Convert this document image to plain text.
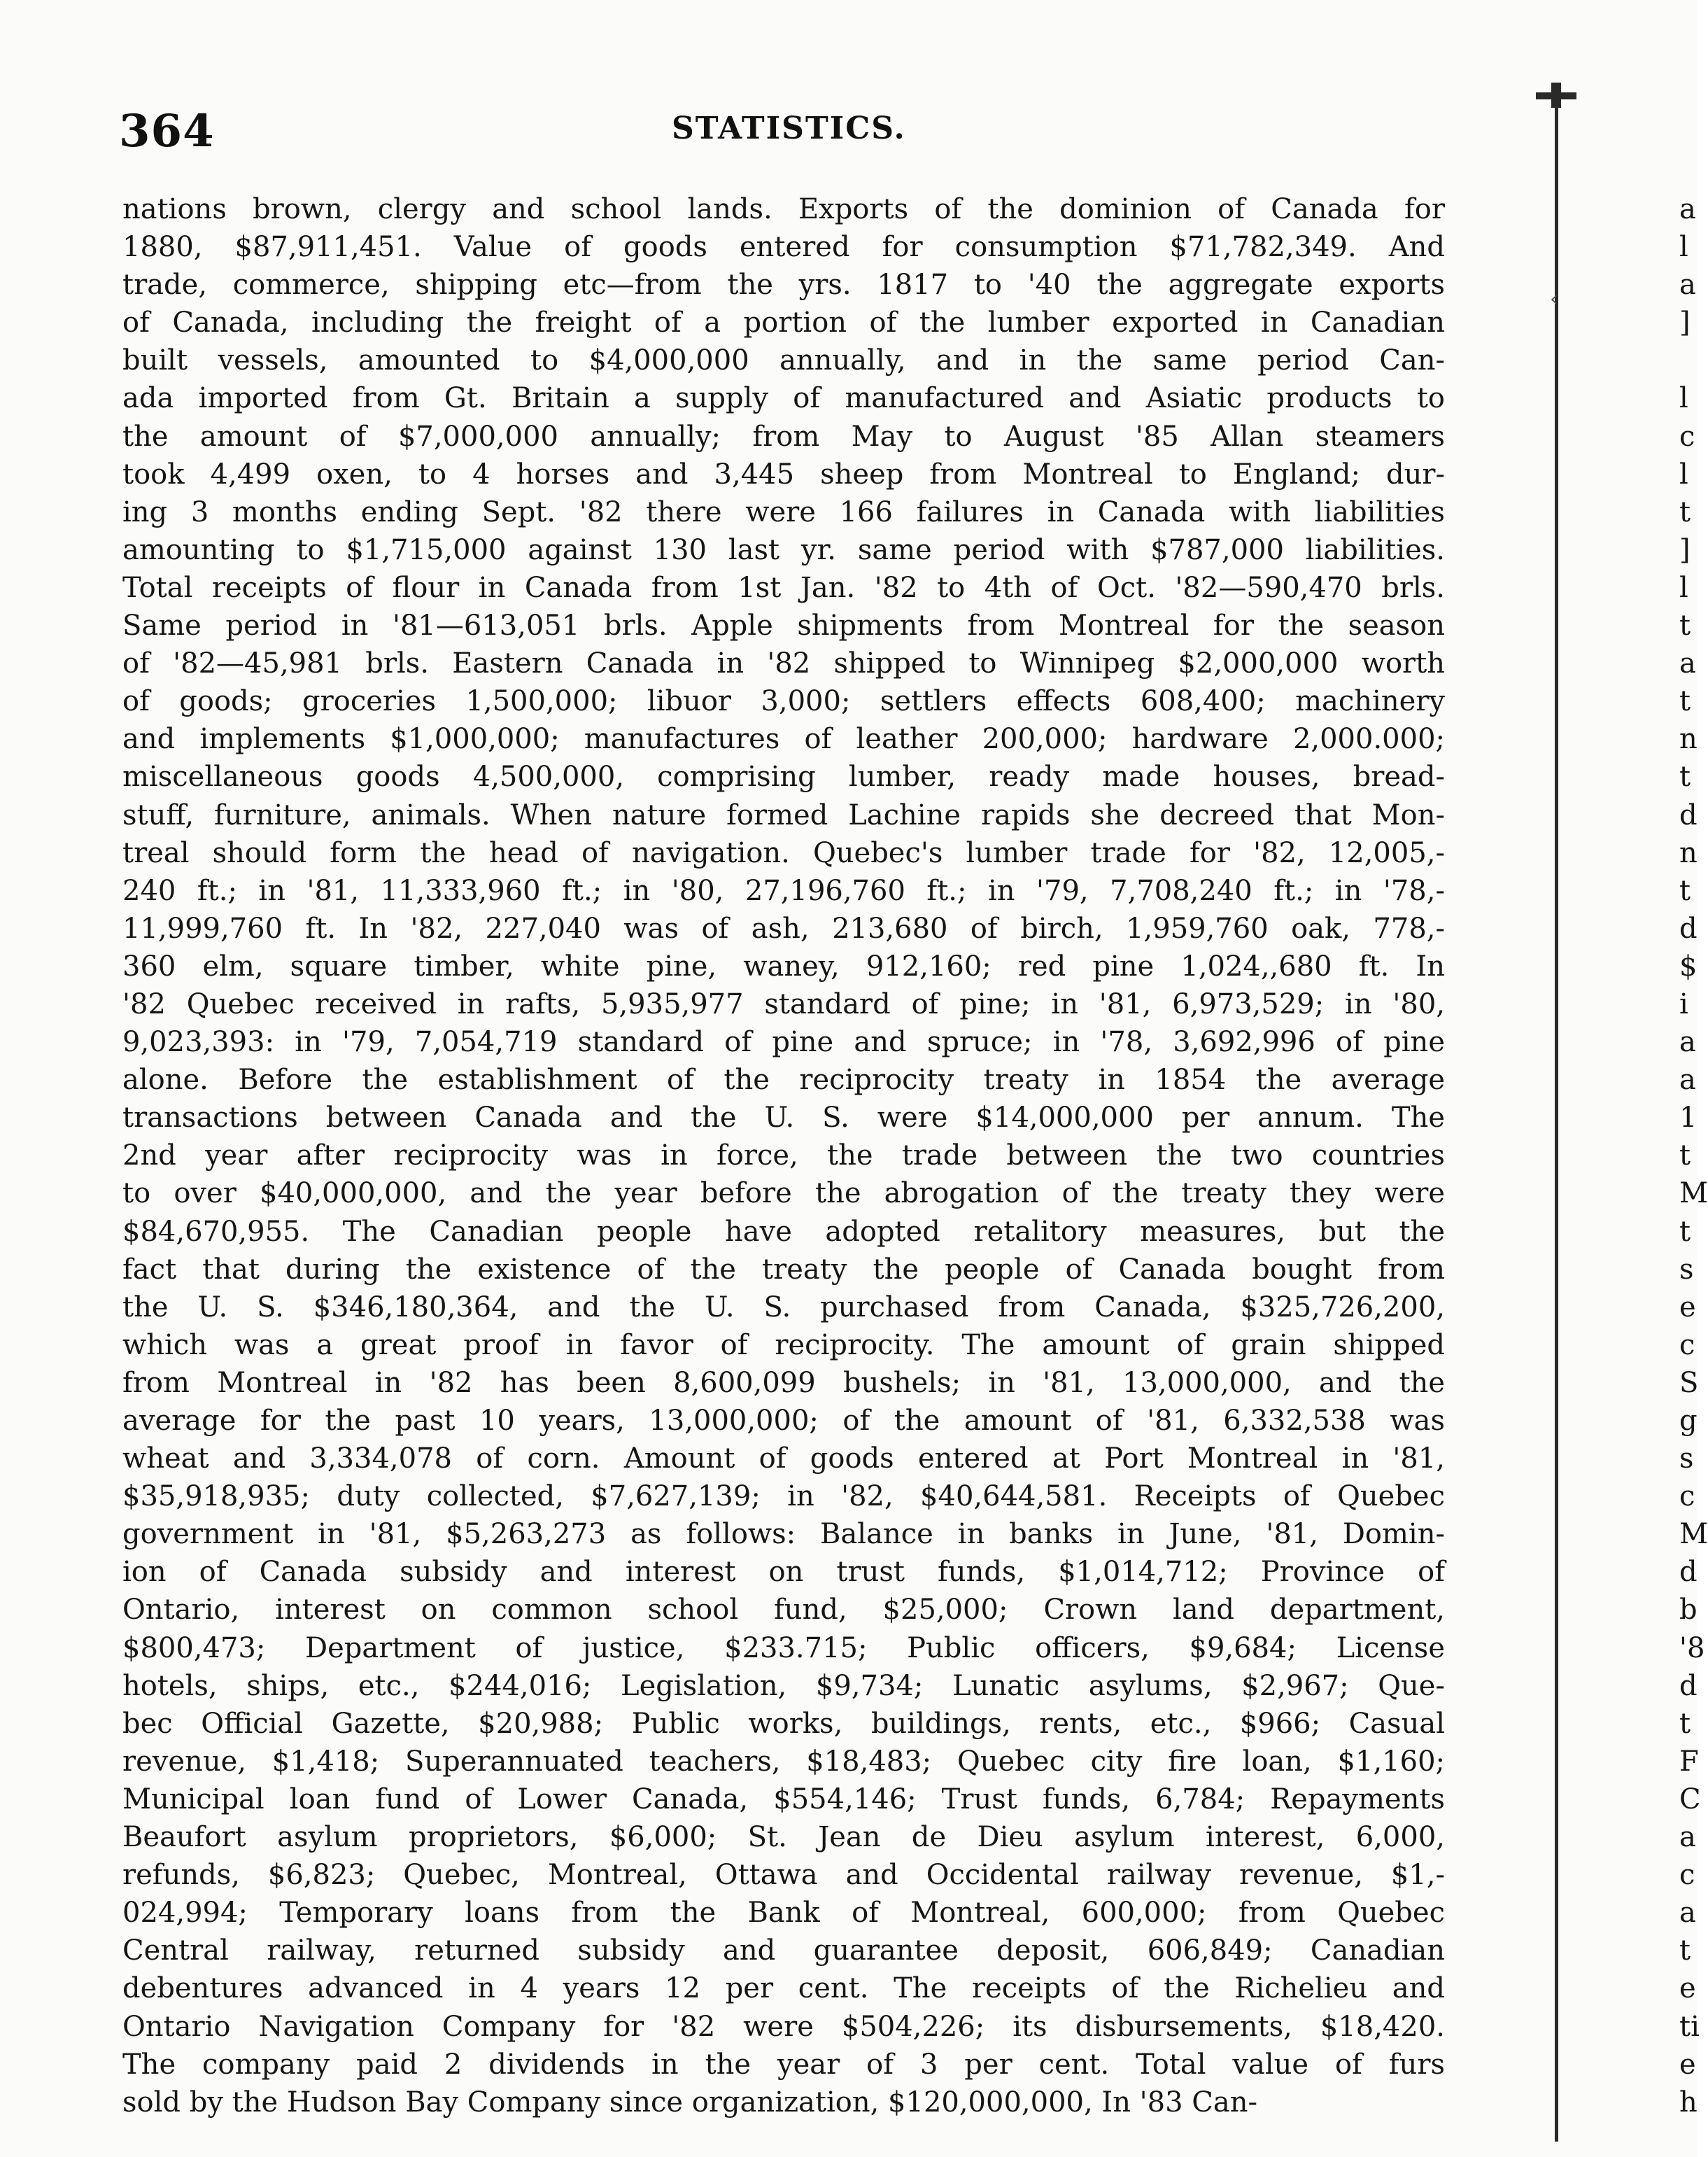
364	STATISTICS.
nations brown, clergy and school lands. Exports of the dominion of Canada for
1880, $87,911,451. Value of goods entered for consumption $71,782,349. And
trade, commerce, shipping etc—from the yrs. 1817 to '40 the aggregate exports
of Canada, including the freight of a portion of the lumber exported in Canadian
built vessels, amounted to $4,000,000 annually, and in the same period Can-
ada imported from Gt. Britain a supply of manufactured and Asiatic products to
the amount of $7,000,000 annually; from May to August '85 Allan steamers
took 4,499 oxen, to 4 horses and 3,445 sheep from Montreal to England; dur-
ing 3 months ending Sept. '82 there were 166 failures in Canada with liabilities
amounting to $1,715,000 against 130 last yr. same period with $787,000 liabilities.
Total receipts of flour in Canada from 1st Jan. '82 to 4th of Oct. '82—590,470 brls.
Same period in '81—613,051 brls. Apple shipments from Montreal for the season
of '82—45,981 brls. Eastern Canada in '82 shipped to Winnipeg $2,000,000 worth
of goods; groceries 1,500,000; libuor 3,000; settlers effects 608,400; machinery
and implements $1,000,000; manufactures of leather 200,000; hardware 2,000.000;
miscellaneous goods 4,500,000, comprising lumber, ready made houses, bread-
stuff, furniture, animals. When nature formed Lachine rapids she decreed that Mon-
treal should form the head of navigation. Quebec's lumber trade for '82, 12,005,-
240 ft.; in '81, 11,333,960 ft.; in '80, 27,196,760 ft.; in '79, 7,708,240 ft.; in '78,-
11,999,760 ft. In '82, 227,040 was of ash, 213,680 of birch, 1,959,760 oak, 778,-
360 elm, square timber, white pine, waney, 912,160; red pine 1,024,,680 ft. In
'82 Quebec received in rafts, 5,935,977 standard of pine; in '81, 6,973,529; in '80,
9,023,393: in '79, 7,054,719 standard of pine and spruce; in '78, 3,692,996 of pine
alone. Before the establishment of the reciprocity treaty in 1854 the average
transactions between Canada and the U. S. were $14,000,000 per annum. The
2nd year after reciprocity was in force, the trade between the two countries
to over $40,000,000, and the year before the abrogation of the treaty they were
$84,670,955. The Canadian people have adopted retalitory measures, but the
fact that during the existence of the treaty the people of Canada bought from
the U. S. $346,180,364, and the U. S. purchased from Canada, $325,726,200,
which was a great proof in favor of reciprocity. The amount of grain shipped
from Montreal in '82 has been 8,600,099 bushels; in '81, 13,000,000, and the
average for the past 10 years, 13,000,000; of the amount of '81, 6,332,538 was
wheat and 3,334,078 of corn. Amount of goods entered at Port Montreal in '81,
$35,918,935; duty collected, $7,627,139; in '82, $40,644,581. Receipts of Quebec
government in '81, $5,263,273 as follows: Balance in banks in June, '81, Domin-
ion of Canada subsidy and interest on trust funds, $1,014,712; Province of
Ontario, interest on common school fund, $25,000; Crown land department,
$800,473; Department of justice, $233.715; Public officers, $9,684; License
hotels, ships, etc., $244,016; Legislation, $9,734; Lunatic asylums, $2,967; Que-
bec Official Gazette, $20,988; Public works, buildings, rents, etc., $966; Casual
revenue, $1,418; Superannuated teachers, $18,483; Quebec city fire loan, $1,160;
Municipal loan fund of Lower Canada, $554,146; Trust funds, 6,784; Repayments
Beaufort asylum proprietors, $6,000; St. Jean de Dieu asylum interest, 6,000,
refunds, $6,823; Quebec, Montreal, Ottawa and Occidental railway revenue, $1,-
024,994; Temporary loans from the Bank of Montreal, 600,000; from Quebec
Central railway, returned subsidy and guarantee deposit, 606,849; Canadian
debentures advanced in 4 years 12 per cent. The receipts of the Richelieu and
Ontario Navigation Company for '82 were $504,226; its disbursements, $18,420.
The company paid 2 dividends in the year of 3 per cent. Total value of furs
sold by the Hudson Bay Company since organization, $120,000,000, In '83 Can-
‹
a
l
a
]
l
c
l
t
]
l
t
a
t
n
t
d
n
t
d
$
i
a
a
1
t
M
t
s
e
c
S
g
s
c
M
d
b
'8
d
t
F
C
a
c
a
t
e
ti
e
h
